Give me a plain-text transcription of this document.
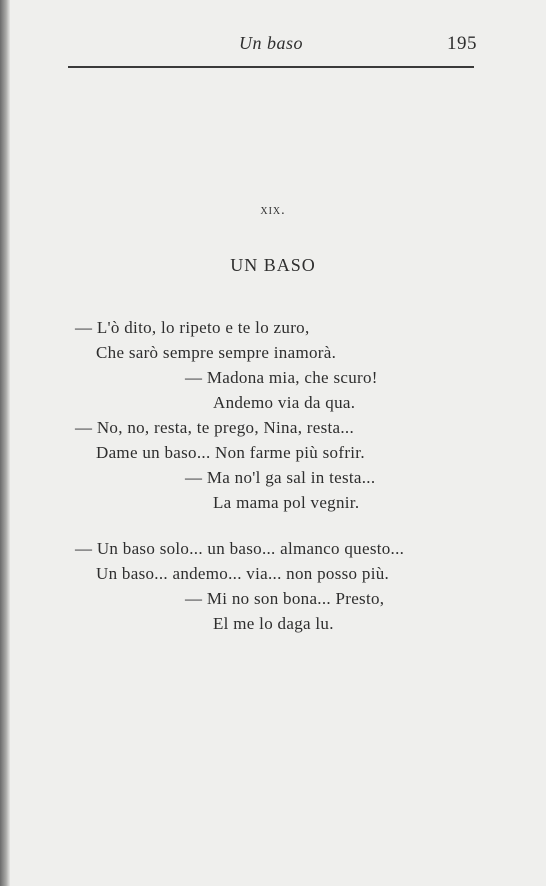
Un baso	195
xix.
UN BASO
— L'ò dito, lo ripeto e te lo zuro,
Che sarò sempre sempre inamorà.
— Madona mia, che scuro!
Andemo via da qua.
— No, no, resta, te prego, Nina, resta...
Dame un baso... Non farme più sofrir.
— Ma no'l ga sal in testa...
La mama pol vegnir.
— Un baso solo... un baso... almanco questo...
Un baso... andemo... via... non posso più.
— Mi no son bona... Presto,
El me lo daga lu.
